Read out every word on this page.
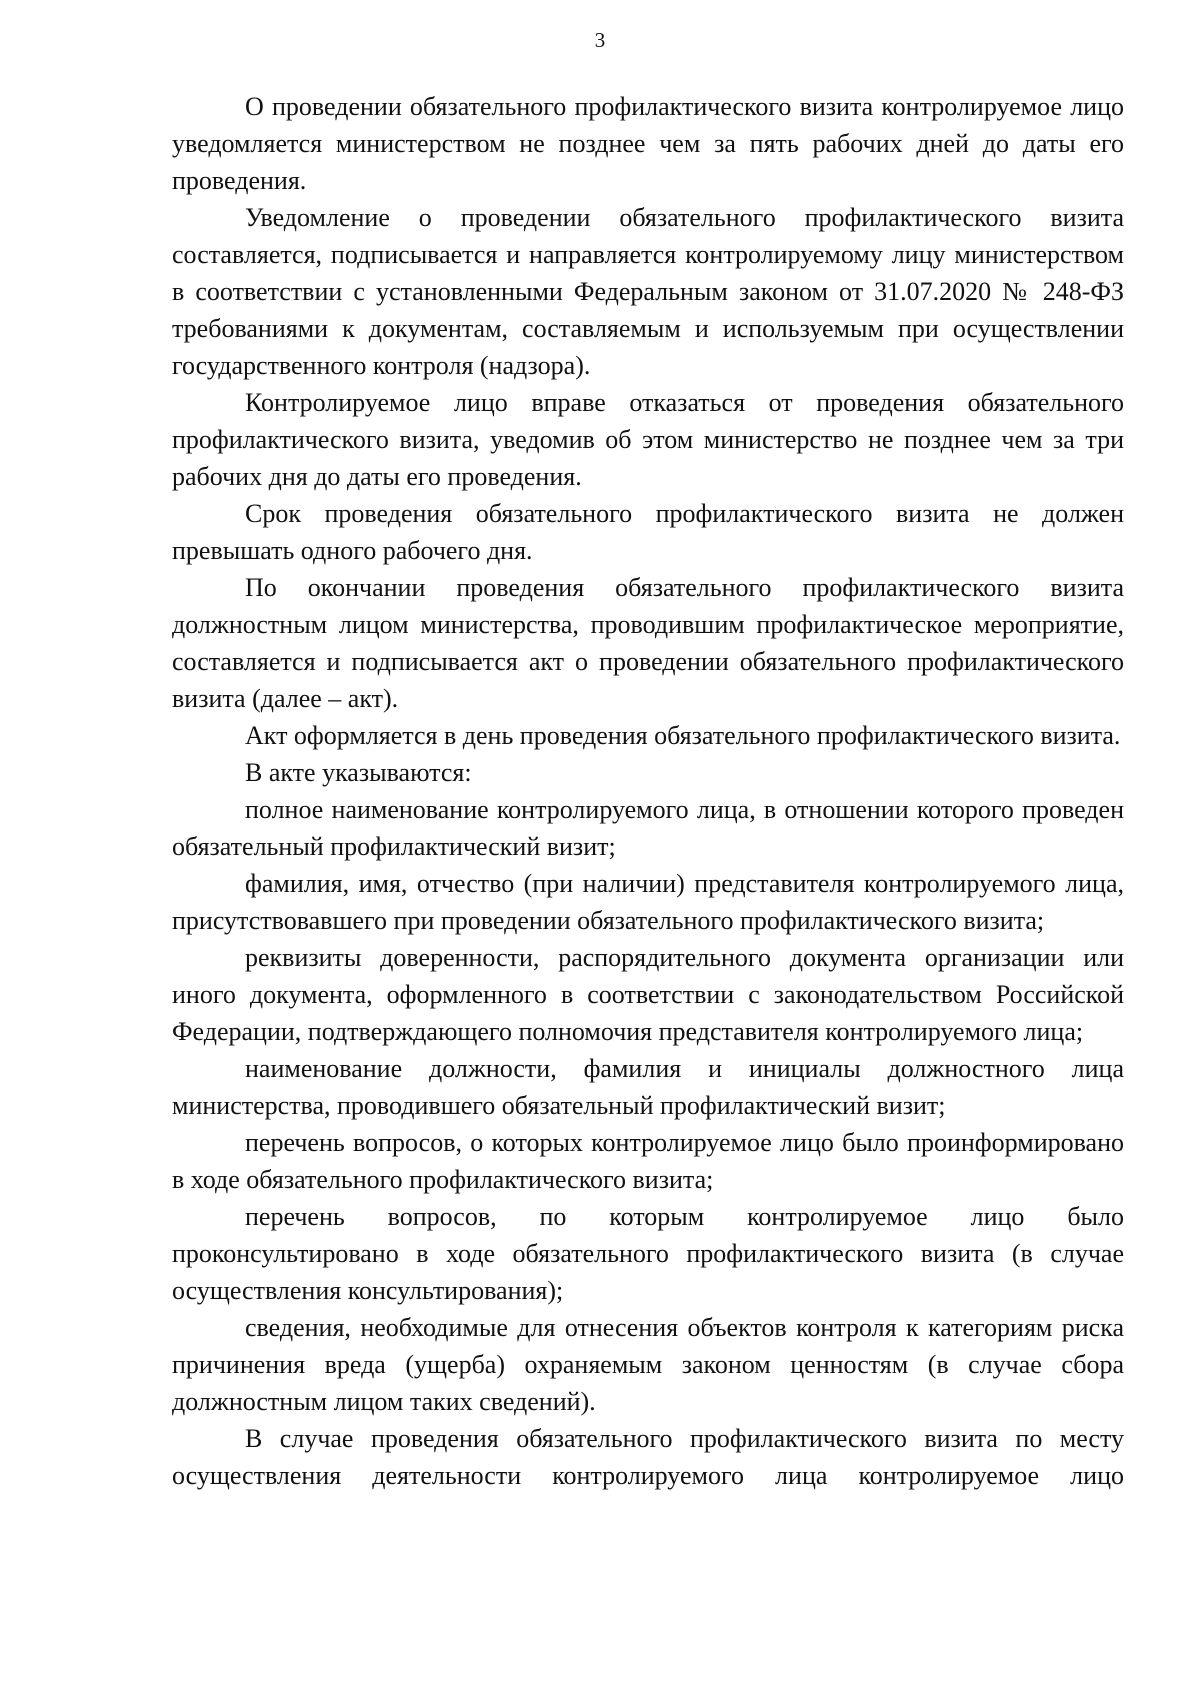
3

О проведении обязательного профилактического визита контролируемое лицо уведомляется министерством не позднее чем за пять рабочих дней до даты его проведения.

Уведомление о проведении обязательного профилактического визита составляется, подписывается и направляется контролируемому лицу министерством в соответствии с установленными Федеральным законом от 31.07.2020 № 248-ФЗ требованиями к документам, составляемым и используемым при осуществлении государственного контроля (надзора).

Контролируемое лицо вправе отказаться от проведения обязательного профилактического визита, уведомив об этом министерство не позднее чем за три рабочих дня до даты его проведения.

Срок проведения обязательного профилактического визита не должен превышать одного рабочего дня.

По окончании проведения обязательного профилактического визита должностным лицом министерства, проводившим профилактическое мероприятие, составляется и подписывается акт о проведении обязательного профилактического визита (далее – акт).

Акт оформляется в день проведения обязательного профилактического визита.

В акте указываются:

полное наименование контролируемого лица, в отношении которого проведен обязательный профилактический визит;

фамилия, имя, отчество (при наличии) представителя контролируемого лица, присутствовавшего при проведении обязательного профилактического визита;

реквизиты доверенности, распорядительного документа организации или иного документа, оформленного в соответствии с законодательством Российской Федерации, подтверждающего полномочия представителя контролируемого лица;

наименование должности, фамилия и инициалы должностного лица министерства, проводившего обязательный профилактический визит;

перечень вопросов, о которых контролируемое лицо было проинформировано в ходе обязательного профилактического визита;

перечень вопросов, по которым контролируемое лицо было проконсультировано в ходе обязательного профилактического визита (в случае осуществления консультирования);

сведения, необходимые для отнесения объектов контроля к категориям риска причинения вреда (ущерба) охраняемым законом ценностям (в случае сбора должностным лицом таких сведений).

В случае проведения обязательного профилактического визита по месту осуществления деятельности контролируемого лица контролируемое лицо
